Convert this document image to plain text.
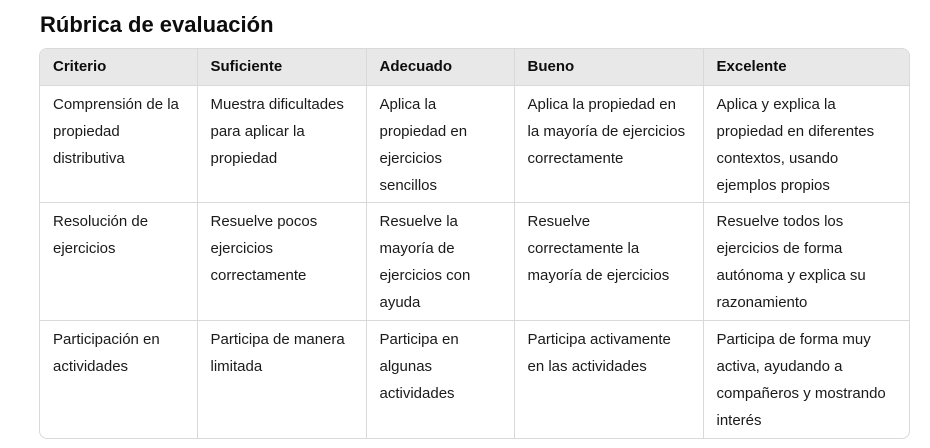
Rúbrica de evaluación
Criterio	Suficiente	Adecuado	Bueno	Excelente
Comprensión de la propiedad distributiva	Muestra dificultades para aplicar la propiedad	Aplica la propiedad en ejercicios sencillos	Aplica la propiedad en la mayoría de ejercicios correctamente	Aplica y explica la propiedad en diferentes contextos, usando ejemplos propios
Resolución de ejercicios	Resuelve pocos ejercicios correctamente	Resuelve la mayoría de ejercicios con ayuda	Resuelve correctamente la mayoría de ejercicios	Resuelve todos los ejercicios de forma autónoma y explica su razonamiento
Participación en actividades	Participa de manera limitada	Participa en algunas actividades	Participa activamente en las actividades	Participa de forma muy activa, ayudando a compañeros y mostrando interés
